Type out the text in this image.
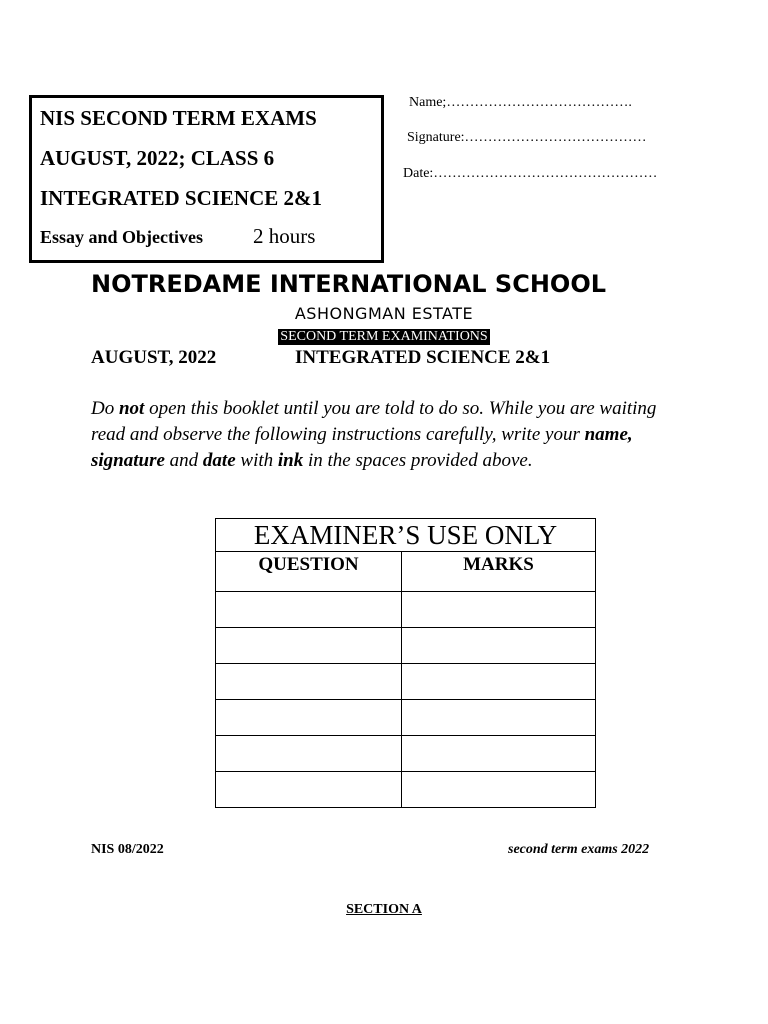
NIS SECOND TERM EXAMS
AUGUST, 2022; CLASS 6
INTEGRATED SCIENCE 2&1
Essay and Objectives 2 hours
Name;………………………………….
Signature:…………………………………
Date:…………………………………………
NOTREDAME INTERNATIONAL SCHOOL
ASHONGMAN ESTATE
SECOND TERM EXAMINATIONS
AUGUST, 2022	INTEGRATED SCIENCE 2&1
Do not open this booklet until you are told to do so. While you are waiting read and observe the following instructions carefully, write your name, signature and date with ink in the spaces provided above.
EXAMINER’S USE ONLY	
QUESTION	MARKS

NIS 08/2022	second term exams 2022
SECTION A
